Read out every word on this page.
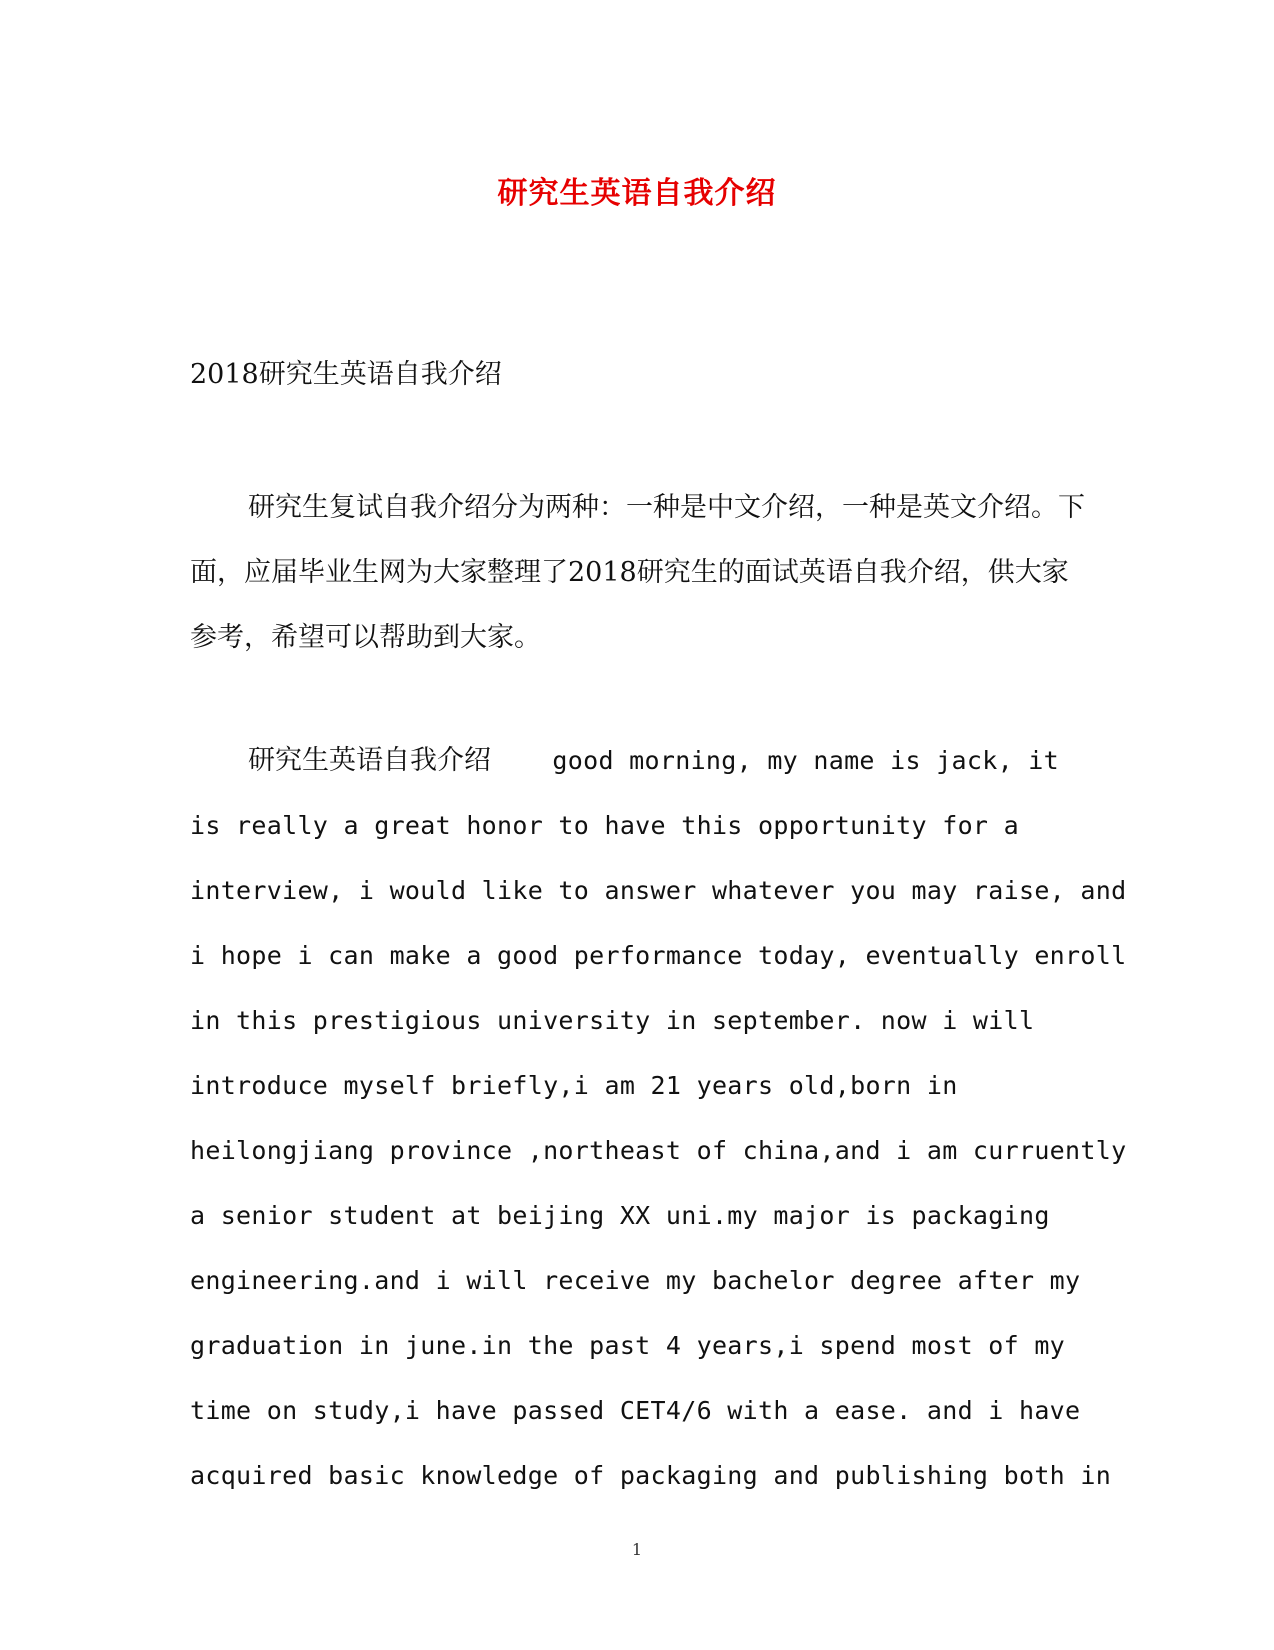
研究生英语自我介绍

2018研究生英语自我介绍

研究生复试自我介绍分为两种：一种是中文介绍，一种是英文介绍。下面，应届毕业生网为大家整理了2018研究生的面试英语自我介绍，供大家参考，希望可以帮助到大家。

研究生英语自我介绍 good morning, my name is jack, it
is really a great honor to have this opportunity for a
interview, i would like to answer whatever you may raise, and
i hope i can make a good performance today, eventually enroll
in this prestigious university in september. now i will
introduce myself briefly,i am 21 years old,born in
heilongjiang province ,northeast of china,and i am curruently
a senior student at beijing XX uni.my major is packaging
engineering.and i will receive my bachelor degree after my
graduation in june.in the past 4 years,i spend most of my
time on study,i have passed CET4/6 with a ease. and i have
acquired basic knowledge of packaging and publishing both in

1
